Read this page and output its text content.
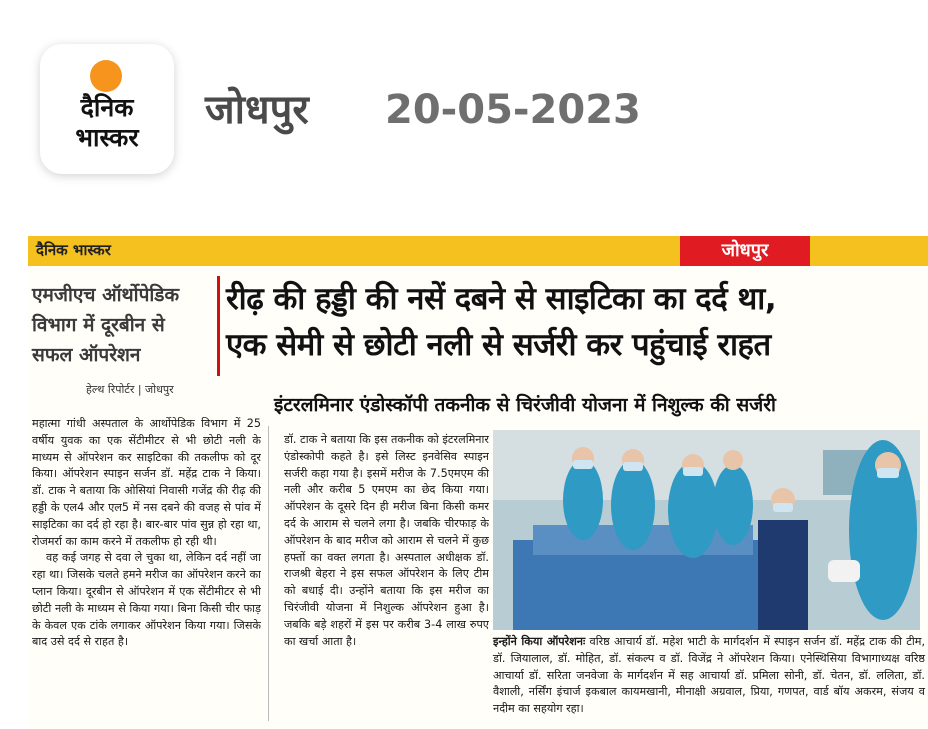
दैनिक
भास्कर
जोधपुर 20-05-2023
दैनिक भास्कर	जोधपुर
एमजीएच ऑर्थोपेडिक विभाग में दूरबीन से सफल ऑपरेशन
रीढ़ की हड्डी की नसें दबने से साइटिका का दर्द था,
एक सेमी से छोटी नली से सर्जरी कर पहुंचाई राहत
हेल्थ रिपोर्टर | जोधपुर
इंटरलमिनार एंडोस्कॉपी तकनीक से चिरंजीवी योजना में निशुल्क की सर्जरी

महात्मा गांधी अस्पताल के आर्थोपेडिक विभाग में 25 वर्षीय युवक का एक सेंटीमीटर से भी छोटी नली के माध्यम से ऑपरेशन कर साइटिका की तकलीफ को दूर किया। ऑपरेशन स्पाइन सर्जन डॉ. महेंद्र टाक ने किया। डॉ. टाक ने बताया कि ओसियां निवासी गजेंद्र की रीढ़ की हड्डी के एल4 और एल5 में नस दबने की वजह से पांव में साइटिका का दर्द हो रहा है। बार-बार पांव सुन्न हो रहा था, रोजमर्रा का काम करने में तकलीफ हो रही थी।

वह कई जगह से दवा ले चुका था, लेकिन दर्द नहीं जा रहा था। जिसके चलते हमने मरीज का ऑपरेशन करने का प्लान किया। दूरबीन से ऑपरेशन में एक सेंटीमीटर से भी छोटी नली के माध्यम से किया गया। बिना किसी चीर फाड़ के केवल एक टांके लगाकर ऑपरेशन किया गया। जिसके बाद उसे दर्द से राहत है।

डॉ. टाक ने बताया कि इस तकनीक को इंटरलमिनार एंडोस्कोपी कहते है। इसे लिस्ट इनवेसिव स्पाइन सर्जरी कहा गया है। इसमें मरीज के 7.5एमएम की नली और करीब 5 एमएम का छेद किया गया। ऑपरेशन के दूसरे दिन ही मरीज बिना किसी कमर दर्द के आराम से चलने लगा है। जबकि चीरफाड़ के ऑपरेशन के बाद मरीज को आराम से चलने में कुछ हफ्तों का वक्त लगता है। अस्पताल अधीक्षक डॉ. राजश्री बेहरा ने इस सफल ऑपरेशन के लिए टीम को बधाई दी। उन्होंने बताया कि इस मरीज का चिरंजीवी योजना में निशुल्क ऑपरेशन हुआ है। जबकि बड़े शहरों में इस पर करीब 3-4 लाख रुपए का खर्चा आता है।	इन्होंने किया ऑपरेशनः वरिष्ठ आचार्य डॉ. महेश भाटी के मार्गदर्शन में स्पाइन सर्जन डॉ. महेंद्र टाक की टीम, डॉ. जियालाल, डॉ. मोहित, डॉ. संकल्प व डॉ. विजेंद्र ने ऑपरेशन किया। एनेस्थिसिया विभागाध्यक्ष वरिष्ठ आचार्या डॉ. सरिता जनवेजा के मार्गदर्शन में सह आचार्या डॉ. प्रमिला सोनी, डॉ. चेतन, डॉ. ललिता, डॉ. वैशाली, नर्सिंग इंचार्ज इकबाल कायमखानी, मीनाक्षी अग्रवाल, प्रिया, गणपत, वार्ड बॉय अकरम, संजय व नदीम का सहयोग रहा।
